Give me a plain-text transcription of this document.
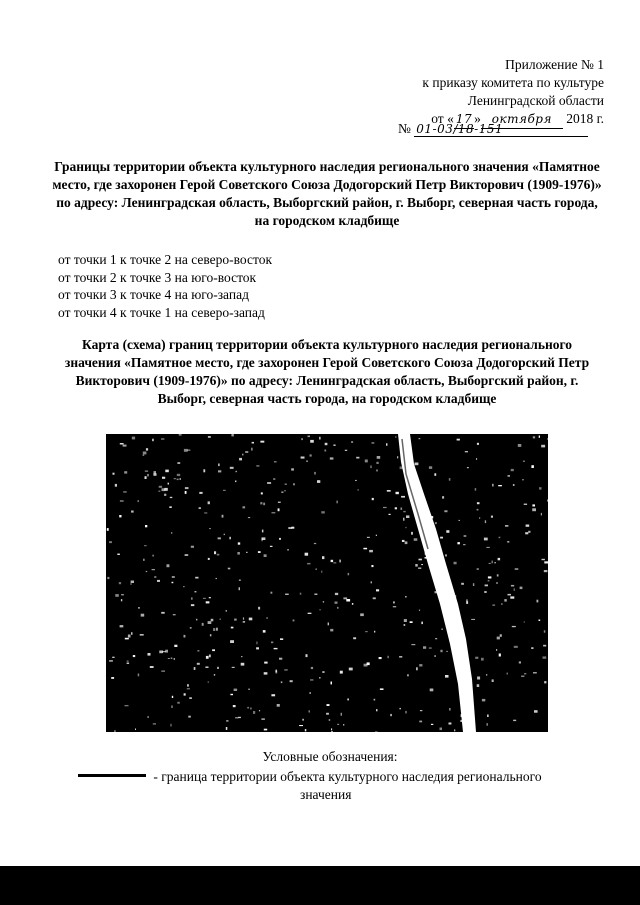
Приложение № 1
к приказу комитета по культуре
Ленинградской области
от « 17 » октября 2018 г.
№ 01-03/18-151
Границы территории объекта культурного наследия регионального значения «Памятное место, где захоронен Герой Советского Союза Додогорский Петр Викторович (1909-1976)» по адресу: Ленинградская область, Выборгский район, г. Выборг, северная часть города, на городском кладбище
от точки 1 к точке 2 на северо-восток
от точки 2 к точке 3 на юго-восток
от точки 3 к точке 4 на юго-запад
от точки 4 к точке 1 на северо-запад
Карта (схема) границ территории объекта культурного наследия регионального значения «Памятное место, где захоронен Герой Советского Союза Додогорский Петр Викторович (1909-1976)» по адресу: Ленинградская область, Выборгский район, г. Выборг, северная часть города, на городском кладбище
Условные обозначения:
- граница территории объекта культурного наследия регионального
значения
